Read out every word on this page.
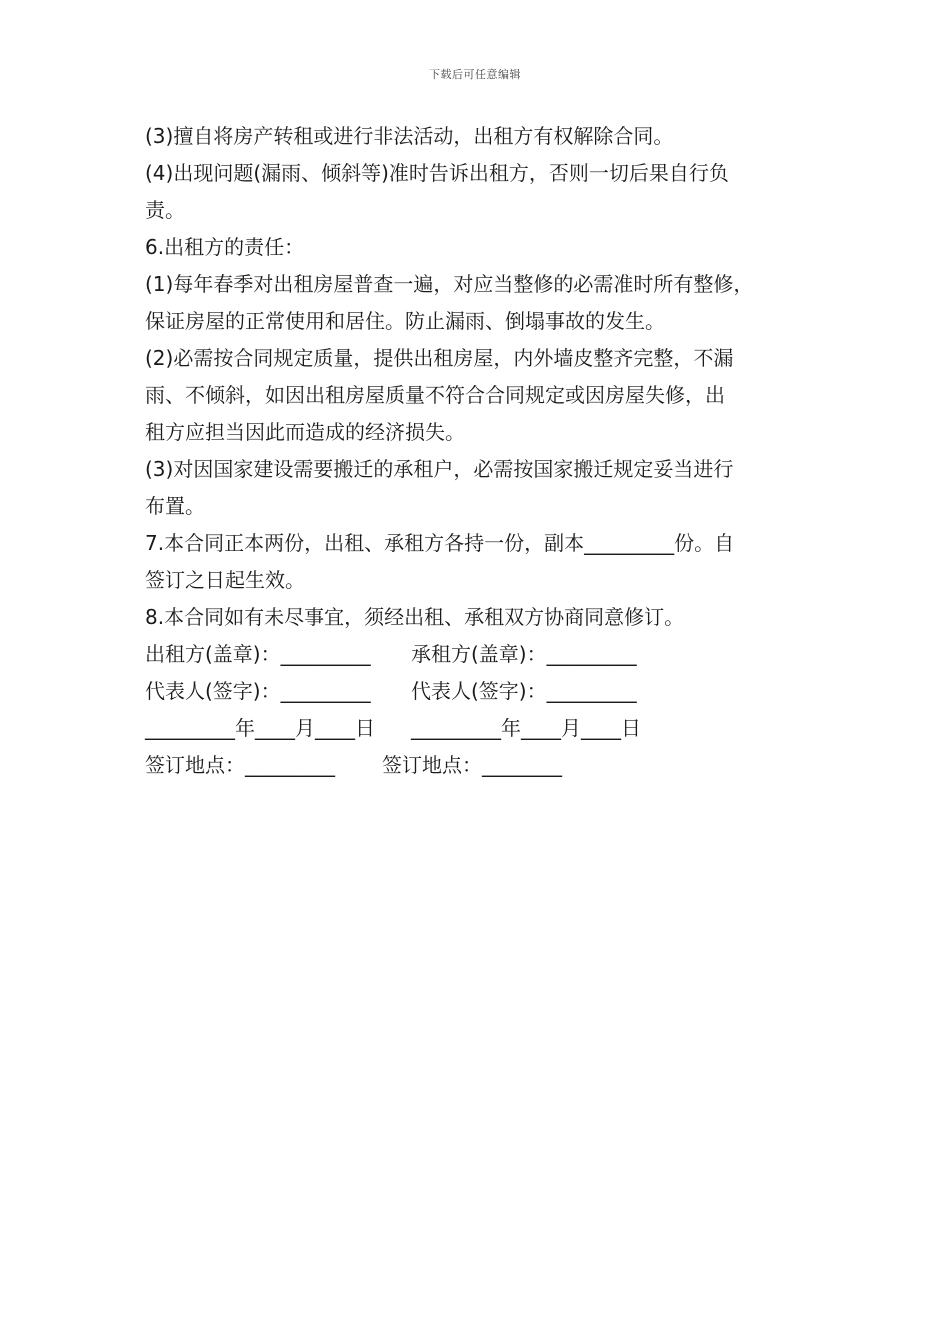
下载后可任意编辑
(3)擅自将房产转租或进行非法活动，出租方有权解除合同。
(4)出现问题(漏雨、倾斜等)准时告诉出租方，否则一切后果自行负
责。
6.出租方的责任：
(1)每年春季对出租房屋普查一遍，对应当整修的必需准时所有整修，
保证房屋的正常使用和居住。防止漏雨、倒塌事故的发生。
(2)必需按合同规定质量，提供出租房屋，内外墙皮整齐完整，不漏
雨、不倾斜，如因出租房屋质量不符合合同规定或因房屋失修，出
租方应担当因此而造成的经济损失。
(3)对因国家建设需要搬迁的承租户，必需按国家搬迁规定妥当进行
布置。
7.本合同正本两份，出租、承租方各持一份，副本_________份。自
签订之日起生效。
8.本合同如有未尽事宜，须经出租、承租双方协商同意修订。
出租方(盖章)：_________	承租方(盖章)：_________
代表人(签字)：_________	代表人(签字)：_________
_________年____月____日	_________年____月____日
签订地点：_________	签订地点：________
